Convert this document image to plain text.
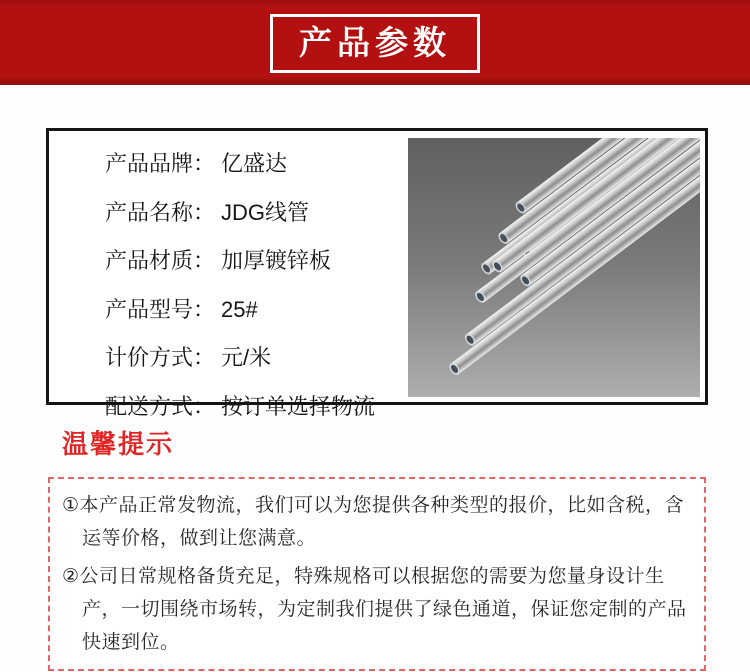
产品参数
产品品牌： 亿盛达
产品名称： JDG线管
产品材质： 加厚镀锌板
产品型号： 25#
计价方式： 元/米
配送方式： 按订单选择物流
温馨提示

①本产品正常发物流，我们可以为您提供各种类型的报价，比如含税，含运等价格，做到让您满意。

②公司日常规格备货充足，特殊规格可以根据您的需要为您量身设计生产，一切围绕市场转，为定制我们提供了绿色通道，保证您定制的产品快速到位。
